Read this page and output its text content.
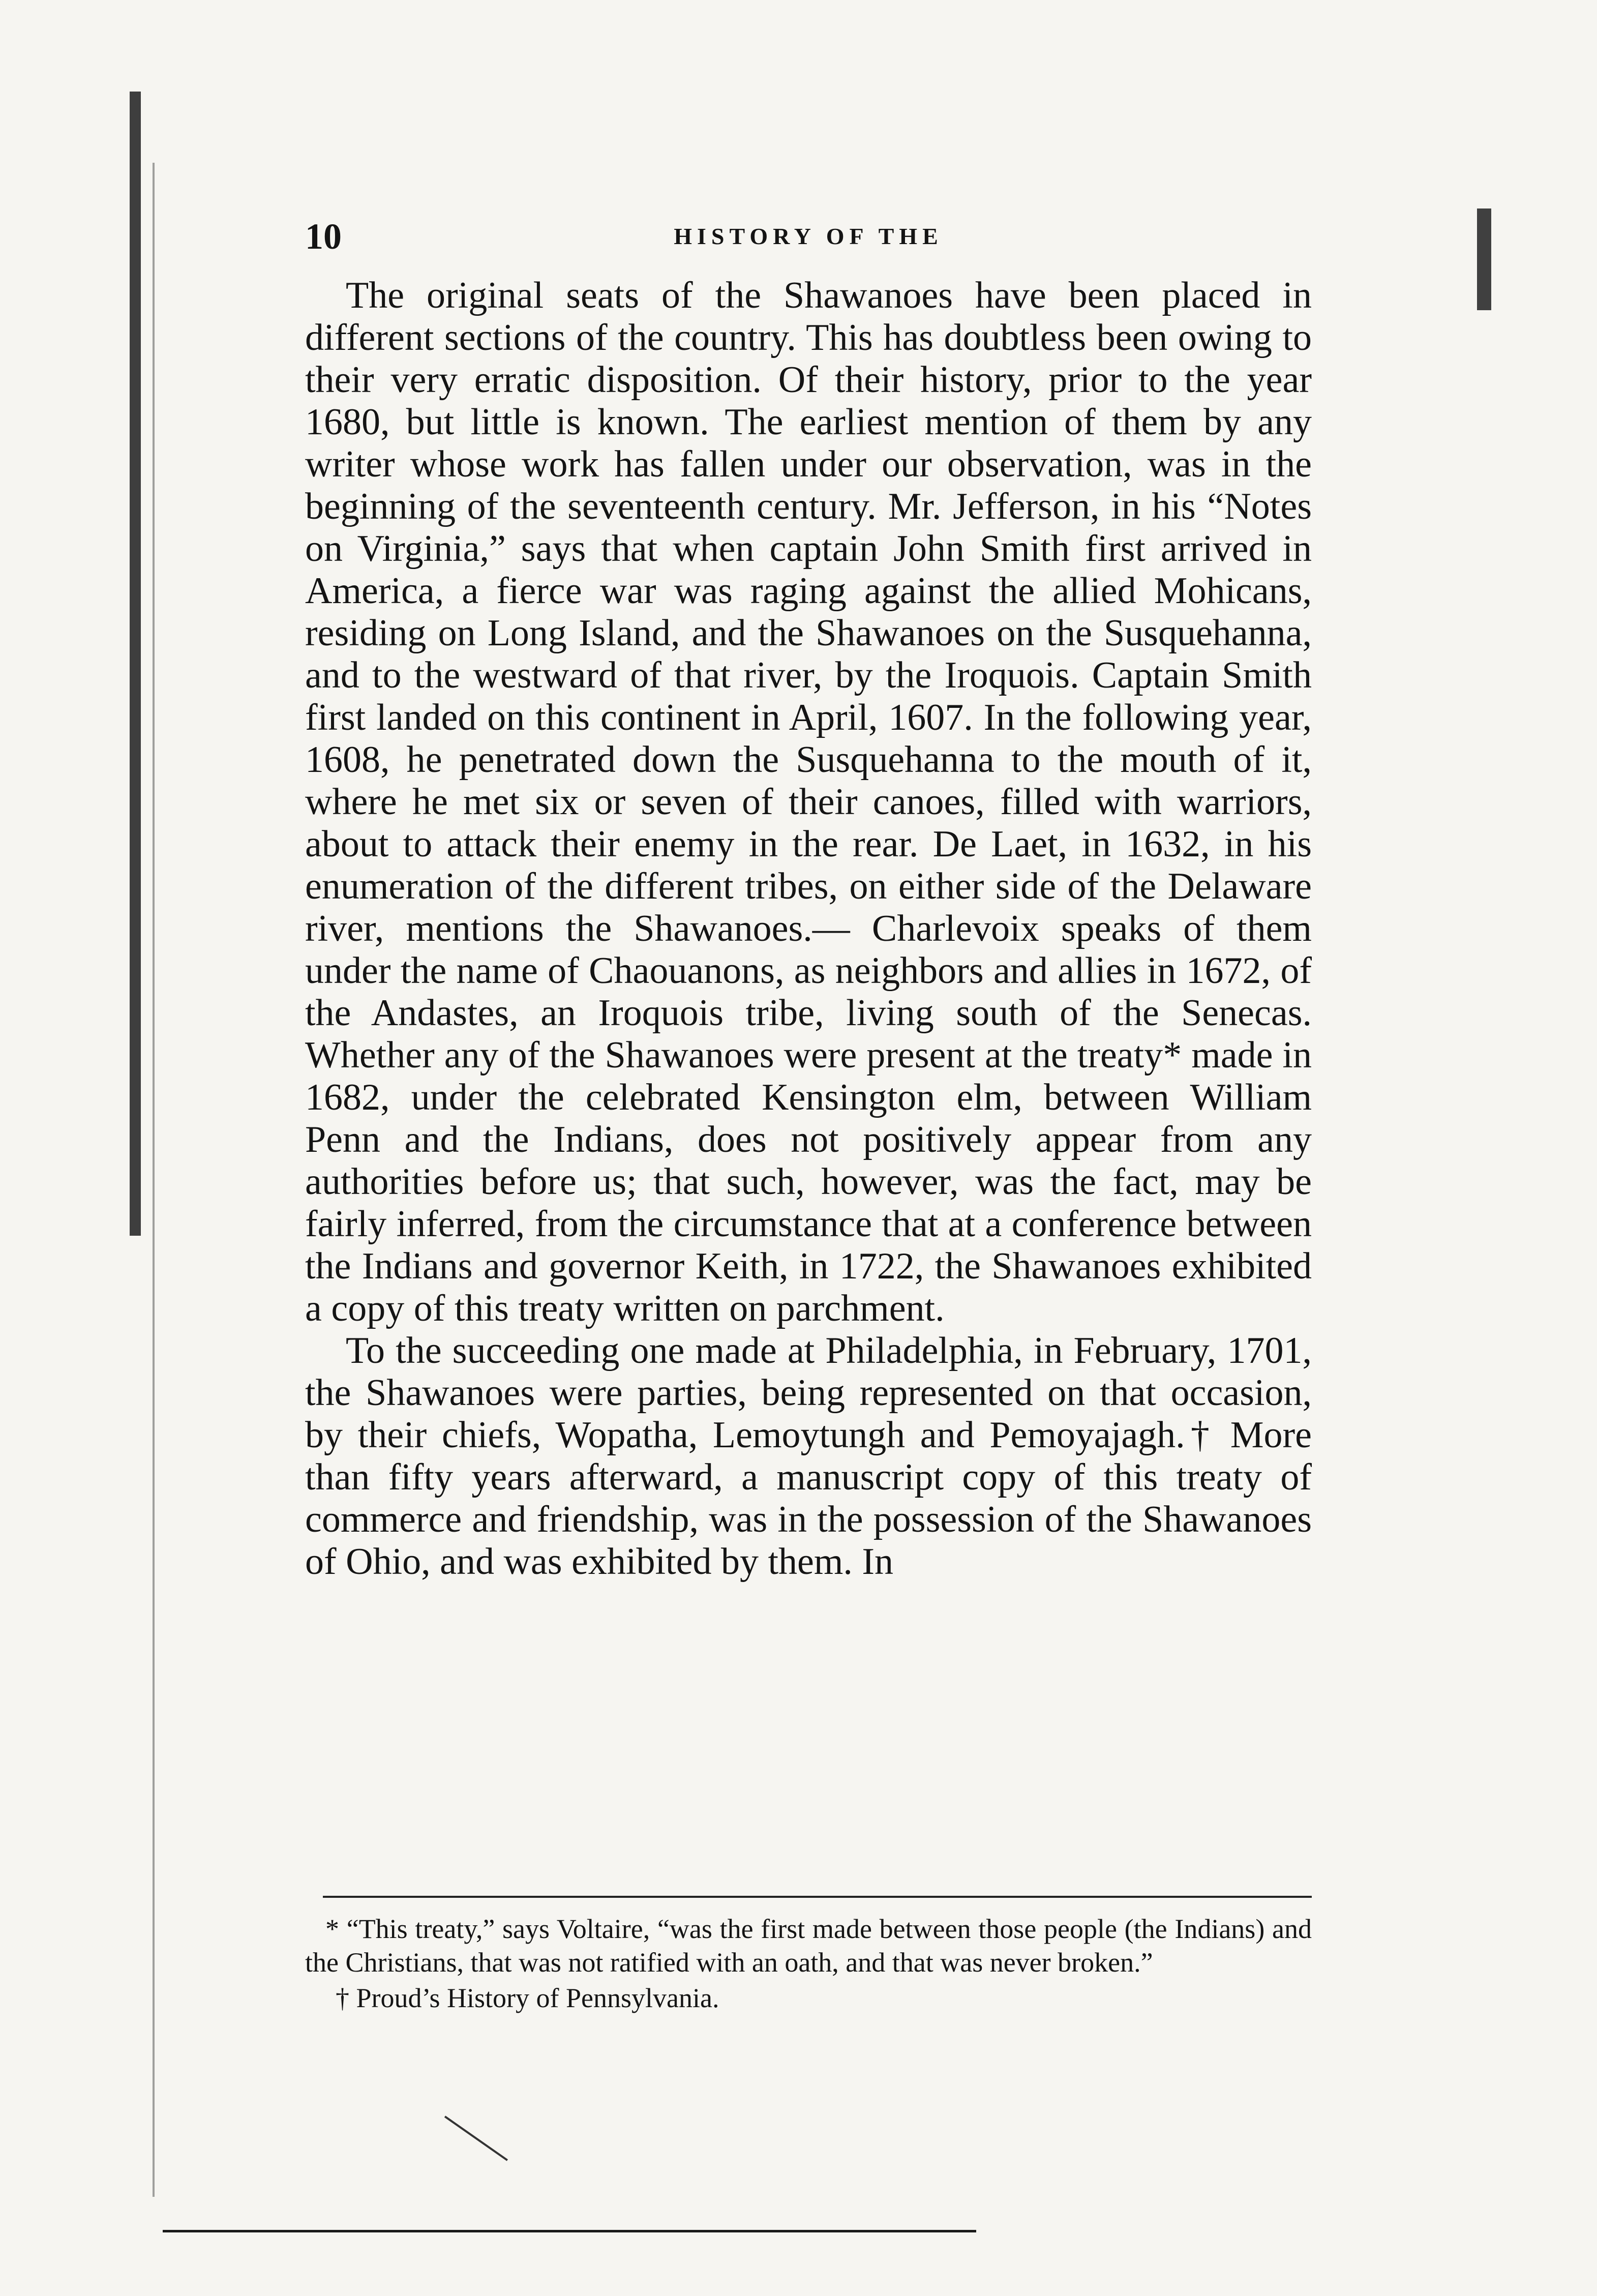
10	HISTORY OF THE

The original seats of the Shawanoes have been placed in different sections of the country. This has doubtless been owing to their very erratic disposition. Of their history, prior to the year 1680, but little is known. The earliest mention of them by any writer whose work has fallen under our observation, was in the beginning of the seventeenth century. Mr. Jefferson, in his “Notes on Virginia,” says that when captain John Smith first arrived in America, a fierce war was raging against the allied Mohicans, residing on Long Island, and the Shawanoes on the Susquehanna, and to the westward of that river, by the Iroquois. Captain Smith first landed on this continent in April, 1607. In the following year, 1608, he penetrated down the Susquehanna to the mouth of it, where he met six or seven of their canoes, filled with warriors, about to attack their enemy in the rear. De Laet, in 1632, in his enumeration of the different tribes, on either side of the Delaware river, mentions the Shawanoes.— Charlevoix speaks of them under the name of Chaouanons, as neighbors and allies in 1672, of the Andastes, an Iroquois tribe, living south of the Senecas. Whether any of the Shawanoes were present at the treaty* made in 1682, under the celebrated Kensington elm, between William Penn and the Indians, does not positively appear from any authorities before us; that such, however, was the fact, may be fairly inferred, from the circumstance that at a conference between the Indians and governor Keith, in 1722, the Shawanoes exhibited a copy of this treaty written on parchment.

To the succeeding one made at Philadelphia, in February, 1701, the Shawanoes were parties, being represented on that occasion, by their chiefs, Wopatha, Lemoytungh and Pemoyajagh.† More than fifty years afterward, a manuscript copy of this treaty of commerce and friendship, was in the possession of the Shawanoes of Ohio, and was exhibited by them. In

* “This treaty,” says Voltaire, “was the first made between those people (the Indians) and the Christians, that was not ratified with an oath, and that was never broken.”

† Proud’s History of Pennsylvania.
